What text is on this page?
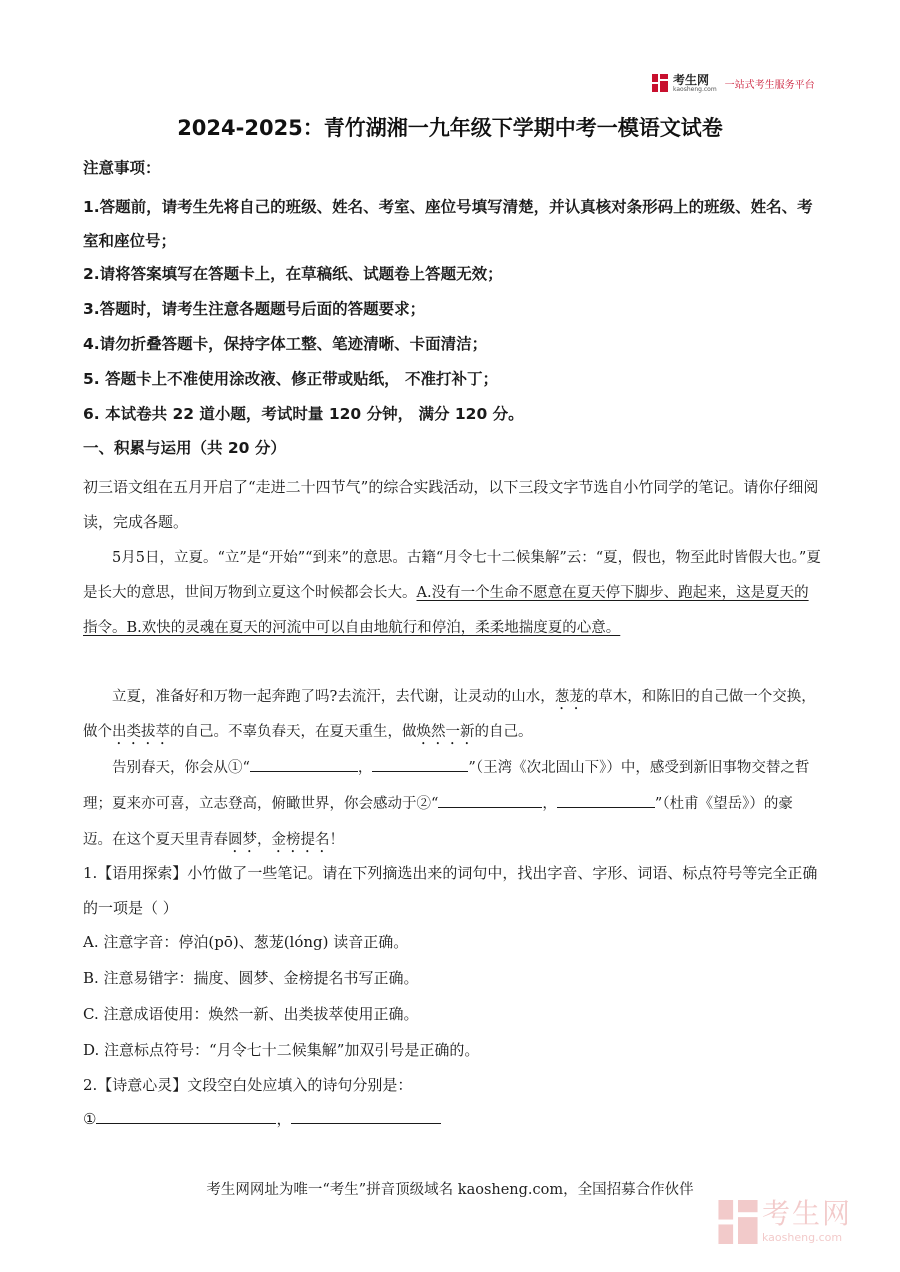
考生网
kaosheng.com 一站式考生服务平台
2024-2025：青竹湖湘一九年级下学期中考一模语文试卷
注意事项：
1.答题前，请考生先将自己的班级、姓名、考室、座位号填写清楚，并认真核对条形码上的班级、姓名、考室和座位号；
2.请将答案填写在答题卡上，在草稿纸、试题卷上答题无效；
3.答题时，请考生注意各题题号后面的答题要求；
4.请勿折叠答题卡，保持字体工整、笔迹清晰、卡面清洁；
5. 答题卡上不准使用涂改液、修正带或贴纸， 不准打补丁；
6. 本试卷共 22 道小题，考试时量 120 分钟， 满分 120 分。
一、积累与运用（共 20 分）
初三语文组在五月开启了“走进二十四节气”的综合实践活动，以下三段文字节选自小竹同学的笔记。请你仔细阅读，完成各题。
5月5日，立夏。“立”是“开始”“到来”的意思。古籍“月令七十二候集解”云：“夏，假也，物至此时皆假大也。”夏是长大的意思，世间万物到立夏这个时候都会长大。A.没有一个生命不愿意在夏天停下脚步、跑起来，这是夏天的指令。B.欢快的灵魂在夏天的河流中可以自由地航行和停泊，柔柔地揣度夏的心意。
立夏，准备好和万物一起奔跑了吗?去流汗，去代谢，让灵动的山水，葱茏的草木，和陈旧的自己做一个交换，做个出类拔萃的自己。不辜负春天，在夏天重生，做焕然一新的自己。
告别春天，你会从①“	，	”（王湾《次北固山下》）中，感受到新旧事物交替之哲理；夏来亦可喜，立志登高，俯瞰世界，你会感动于②“	，	”（杜甫《望岳》）的豪迈。在这个夏天里青春圆梦，金榜提名！
1.【语用探索】小竹做了一些笔记。请在下列摘选出来的词句中，找出字音、字形、词语、标点符号等完全正确的一项是（ ）
A. 注意字音：停泊(pō)、葱茏(lóng) 读音正确。
B. 注意易错字：揣度、圆梦、金榜提名书写正确。
C. 注意成语使用：焕然一新、出类拔萃使用正确。
D. 注意标点符号：“月令七十二候集解”加双引号是正确的。
2.【诗意心灵】文段空白处应填入的诗句分别是：
①	，
考生网网址为唯一“考生”拼音顶级域名 kaosheng.com，全国招募合作伙伴
考生网
kaosheng.com
